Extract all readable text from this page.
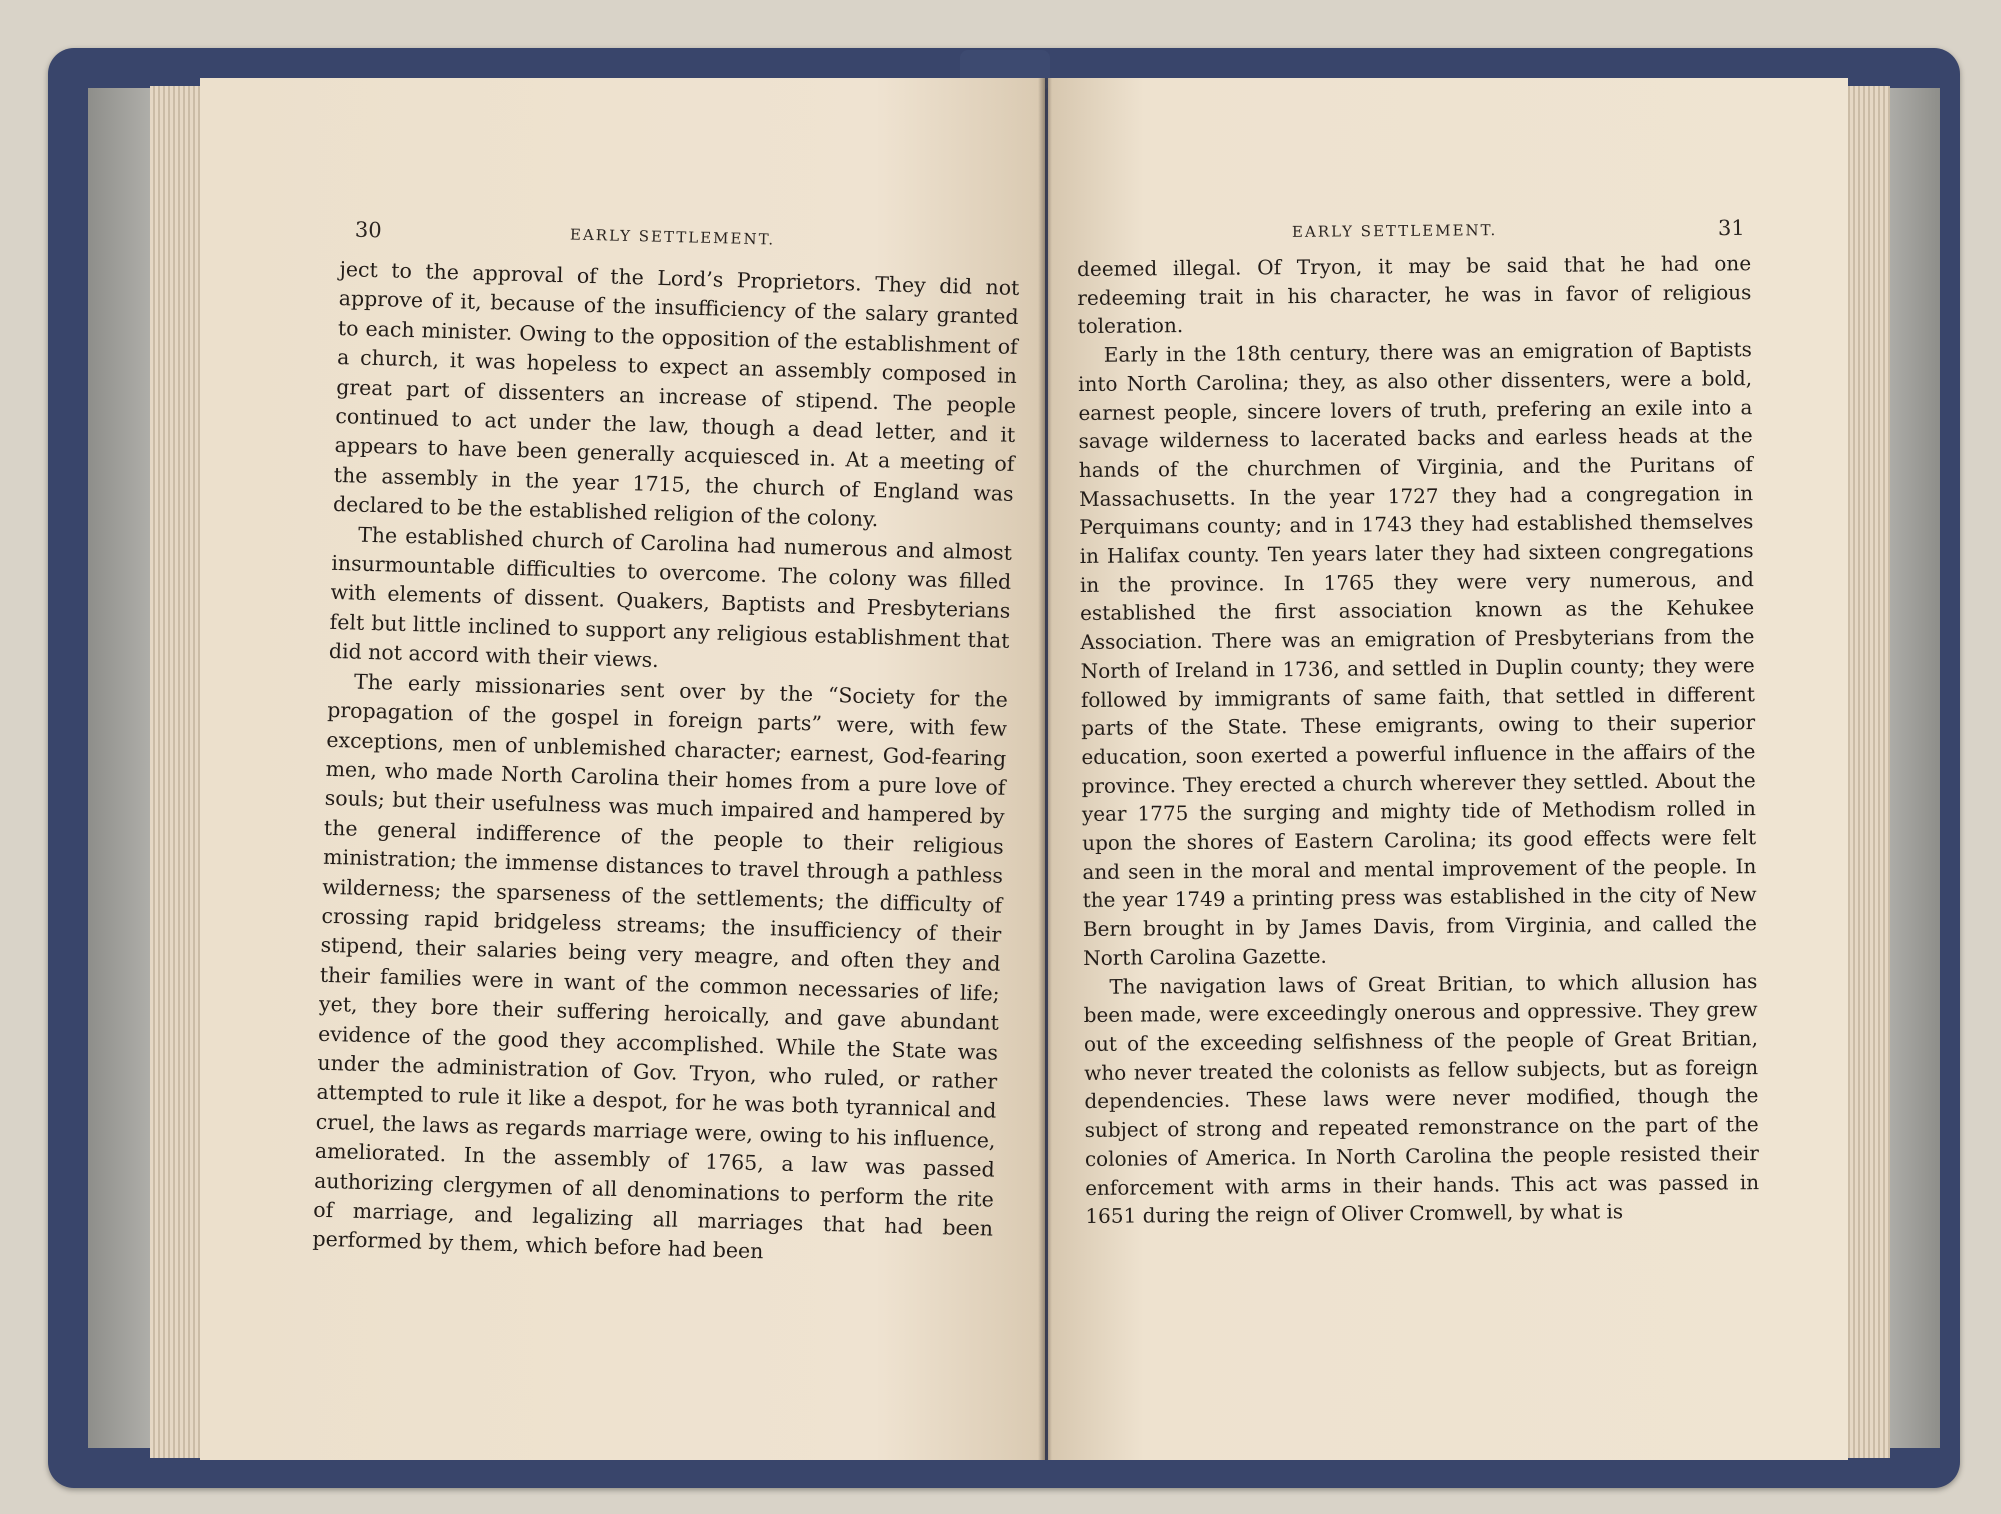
30	EARLY SETTLEMENT.	EARLY SETTLEMENT.	31

ject to the approval of the Lord’s Proprietors. They did not approve of it, because of the insufficiency of the salary granted to each minister. Owing to the opposition of the establishment of a church, it was hopeless to expect an assembly composed in great part of dissenters an increase of stipend. The people continued to act under the law, though a dead letter, and it appears to have been generally acquiesced in. At a meeting of the assembly in the year 1715, the church of England was declared to be the established religion of the colony.

The established church of Carolina had numerous and almost insurmountable difficulties to overcome. The colony was filled with elements of dissent. Quakers, Baptists and Presbyterians felt but little inclined to support any religious establishment that did not accord with their views.

The early missionaries sent over by the “Society for the propagation of the gospel in foreign parts” were, with few exceptions, men of unblemished character; earnest, God-fearing men, who made North Carolina their homes from a pure love of souls; but their usefulness was much impaired and hampered by the general indifference of the people to their religious ministration; the immense distances to travel through a pathless wilderness; the sparseness of the settlements; the difficulty of crossing rapid bridgeless streams; the insufficiency of their stipend, their salaries being very meagre, and often they and their families were in want of the common necessaries of life; yet, they bore their suffering heroically, and gave abundant evidence of the good they accomplished. While the State was under the administration of Gov. Tryon, who ruled, or rather attempted to rule it like a despot, for he was both tyrannical and cruel, the laws as regards marriage were, owing to his influence, ameliorated. In the assembly of 1765, a law was passed authorizing clergymen of all denominations to perform the rite of marriage, and legalizing all marriages that had been performed by them, which before had been

deemed illegal. Of Tryon, it may be said that he had one redeeming trait in his character, he was in favor of religious toleration.

Early in the 18th century, there was an emigration of Baptists into North Carolina; they, as also other dissenters, were a bold, earnest people, sincere lovers of truth, prefering an exile into a savage wilderness to lacerated backs and earless heads at the hands of the churchmen of Virginia, and the Puritans of Massachusetts. In the year 1727 they had a congregation in Perquimans county; and in 1743 they had established themselves in Halifax county. Ten years later they had sixteen congregations in the province. In 1765 they were very numerous, and established the first association known as the Kehukee Association. There was an emigration of Presbyterians from the North of Ireland in 1736, and settled in Duplin county; they were followed by immigrants of same faith, that settled in different parts of the State. These emigrants, owing to their superior education, soon exerted a powerful influence in the affairs of the province. They erected a church wherever they settled. About the year 1775 the surging and mighty tide of Methodism rolled in upon the shores of Eastern Carolina; its good effects were felt and seen in the moral and mental improvement of the people. In the year 1749 a printing press was established in the city of New Bern brought in by James Davis, from Virginia, and called the North Carolina Gazette.

The navigation laws of Great Britian, to which allusion has been made, were exceedingly onerous and oppressive. They grew out of the exceeding selfishness of the people of Great Britian, who never treated the colonists as fellow subjects, but as foreign dependencies. These laws were never modified, though the subject of strong and repeated remonstrance on the part of the colonies of America. In North Carolina the people resisted their enforcement with arms in their hands. This act was passed in 1651 during the reign of Oliver Cromwell, by what is
